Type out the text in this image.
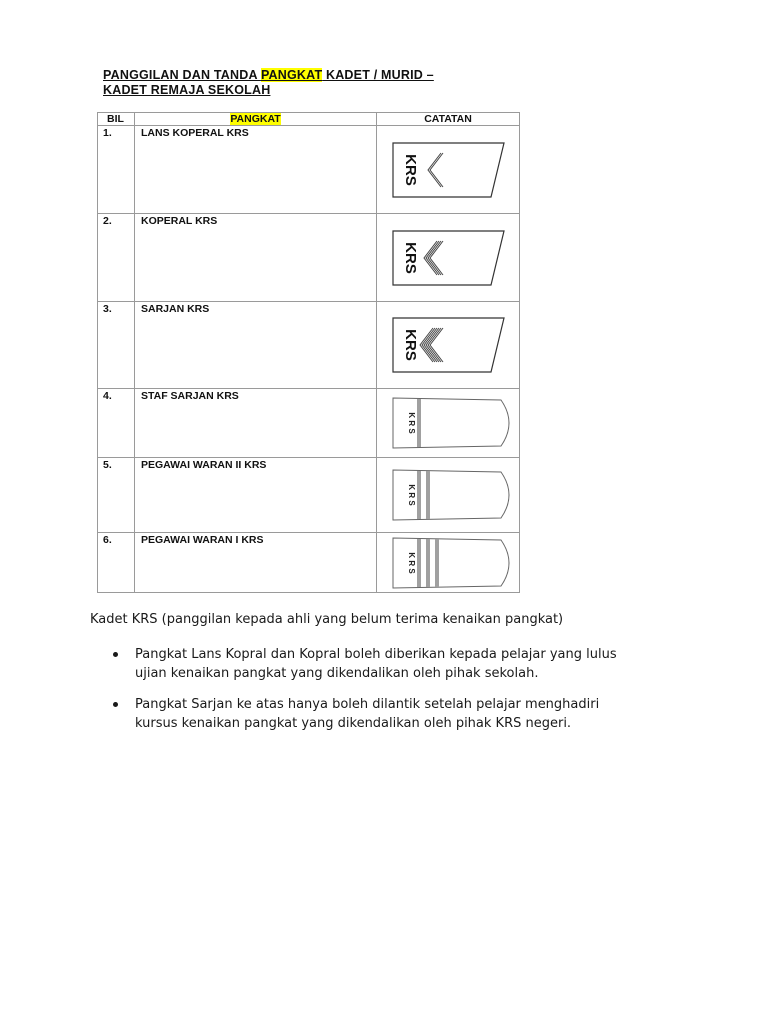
PANGGILAN DAN TANDA PANGKAT KADET / MURID –
KADET REMAJA SEKOLAH
BIL	PANGKAT	CATATAN
1.	LANS KOPERAL KRS	KRS

2.	KOPERAL KRS	KRS

3.	SARJAN KRS	KRS

4.	STAF SARJAN KRS	K R S

5.	PEGAWAI WARAN II KRS	K R S

6.	PEGAWAI WARAN I KRS	K R S
Kadet KRS (panggilan kepada ahli yang belum terima kenaikan pangkat)
Pangkat Lans Kopral dan Kopral boleh diberikan kepada pelajar yang lulus
ujian kenaikan pangkat yang dikendalikan oleh pihak sekolah.
Pangkat Sarjan ke atas hanya boleh dilantik setelah pelajar menghadiri
kursus kenaikan pangkat yang dikendalikan oleh pihak KRS negeri.
